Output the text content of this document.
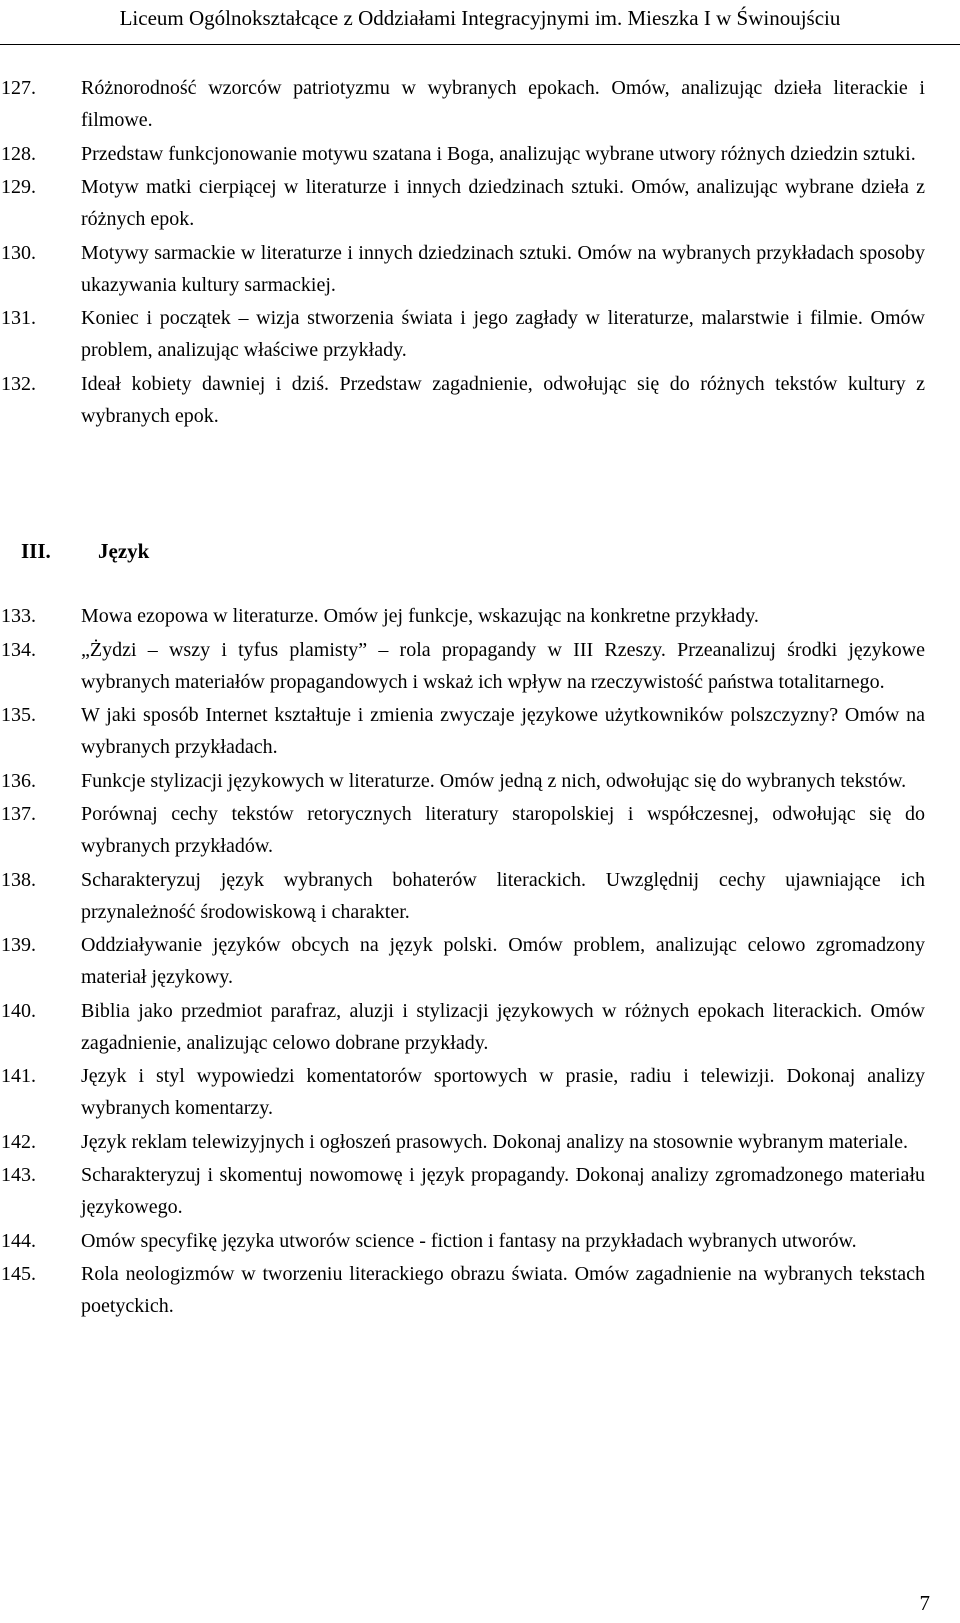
Liceum Ogólnokształcące z Oddziałami Integracyjnymi im. Mieszka I w Świnoujściu
127. Różnorodność wzorców patriotyzmu w wybranych epokach. Omów, analizując dzieła literackie i filmowe.
128. Przedstaw funkcjonowanie motywu szatana i Boga, analizując wybrane utwory różnych dziedzin sztuki.
129. Motyw matki cierpiącej w literaturze i innych dziedzinach sztuki. Omów, analizując wybrane dzieła z różnych epok.
130. Motywy sarmackie w literaturze i innych dziedzinach sztuki. Omów na wybranych przykładach sposoby ukazywania kultury sarmackiej.
131. Koniec i początek – wizja stworzenia świata i jego zagłady w literaturze, malarstwie i filmie. Omów problem, analizując właściwe przykłady.
132. Ideał kobiety dawniej i dziś. Przedstaw zagadnienie, odwołując się do różnych tekstów kultury z wybranych epok.
III. Język
133. Mowa ezopowa w literaturze. Omów jej funkcje, wskazując na konkretne przykłady.
134. „Żydzi – wszy i tyfus plamisty” – rola propagandy w III Rzeszy. Przeanalizuj środki językowe wybranych materiałów propagandowych i wskaż ich wpływ na rzeczywistość państwa totalitarnego.
135. W jaki sposób Internet kształtuje i zmienia zwyczaje językowe użytkowników polszczyzny? Omów na wybranych przykładach.
136. Funkcje stylizacji językowych w literaturze. Omów jedną z nich, odwołując się do wybranych tekstów.
137. Porównaj cechy tekstów retorycznych literatury staropolskiej i współczesnej, odwołując się do wybranych przykładów.
138. Scharakteryzuj język wybranych bohaterów literackich. Uwzględnij cechy ujawniające ich przynależność środowiskową i charakter.
139. Oddziaływanie języków obcych na język polski. Omów problem, analizując celowo zgromadzony materiał językowy.
140. Biblia jako przedmiot parafraz, aluzji i stylizacji językowych w różnych epokach literackich. Omów zagadnienie, analizując celowo dobrane przykłady.
141. Język i styl wypowiedzi komentatorów sportowych w prasie, radiu i telewizji. Dokonaj analizy wybranych komentarzy.
142. Język reklam telewizyjnych i ogłoszeń prasowych. Dokonaj analizy na stosownie wybranym materiale.
143. Scharakteryzuj i skomentuj nowomowę i język propagandy. Dokonaj analizy zgromadzonego materiału językowego.
144. Omów specyfikę języka utworów science - fiction i fantasy na przykładach wybranych utworów.
145. Rola neologizmów w tworzeniu literackiego obrazu świata. Omów zagadnienie na wybranych tekstach poetyckich.
7
